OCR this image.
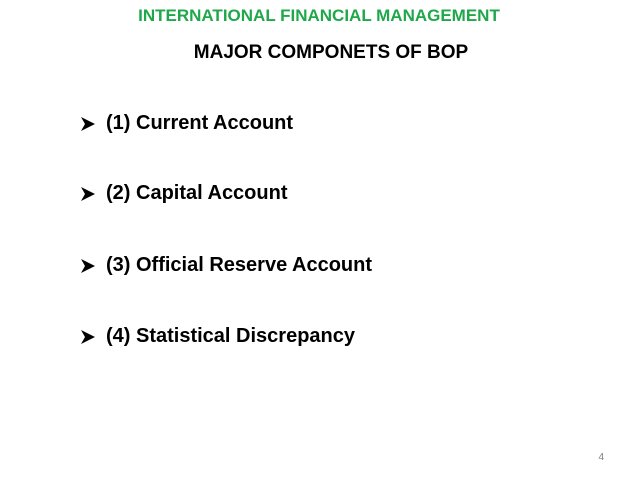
INTERNATIONAL FINANCIAL MANAGEMENT
MAJOR COMPONETS OF BOP
(1) Current Account
(2) Capital Account
(3) Official Reserve Account
(4) Statistical Discrepancy
4
